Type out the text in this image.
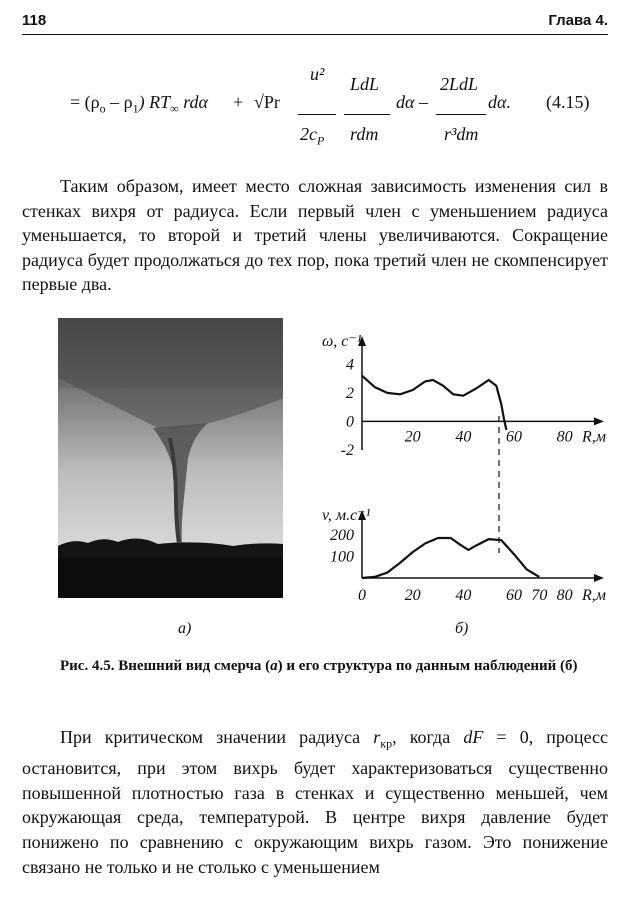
118	Глава 4.
= $(\rho_о - \rho_1)$ $RT_\infty$ rdα + √Pr
u²
$2c_P$
LdL
rdm
dα –
2LdL
r³dm
dα. (4.15)

Таким образом, имеет место сложная зависимость изменения сил в стенках вихря от радиуса. Если первый член с уменьшением радиуса уменьшается, то второй и третий члены увеличиваются. Сокращение радиуса будет продолжаться до тех пор, пока третий член не скомпенсирует первые два.

ω, с⁻¹
R,м
4
2
0
-2
20 40 60 80
v, м.с⁻¹
R,м
200
100
0 20 40 60 70 80
а)	б)

Рис. 4.5. Внешний вид смерча (а) и его структура по данным наблюдений (б)

При критическом значении радиуса $r_{кр}$, когда dF = 0, процесс остановится, при этом вихрь будет характеризоваться существенно повышенной плотностью газа в стенках и существенно меньшей, чем окружающая среда, температурой. В центре вихря давление будет понижено по сравнению с окружающим вихрь газом. Это понижение связано не только и не столько с уменьшением
